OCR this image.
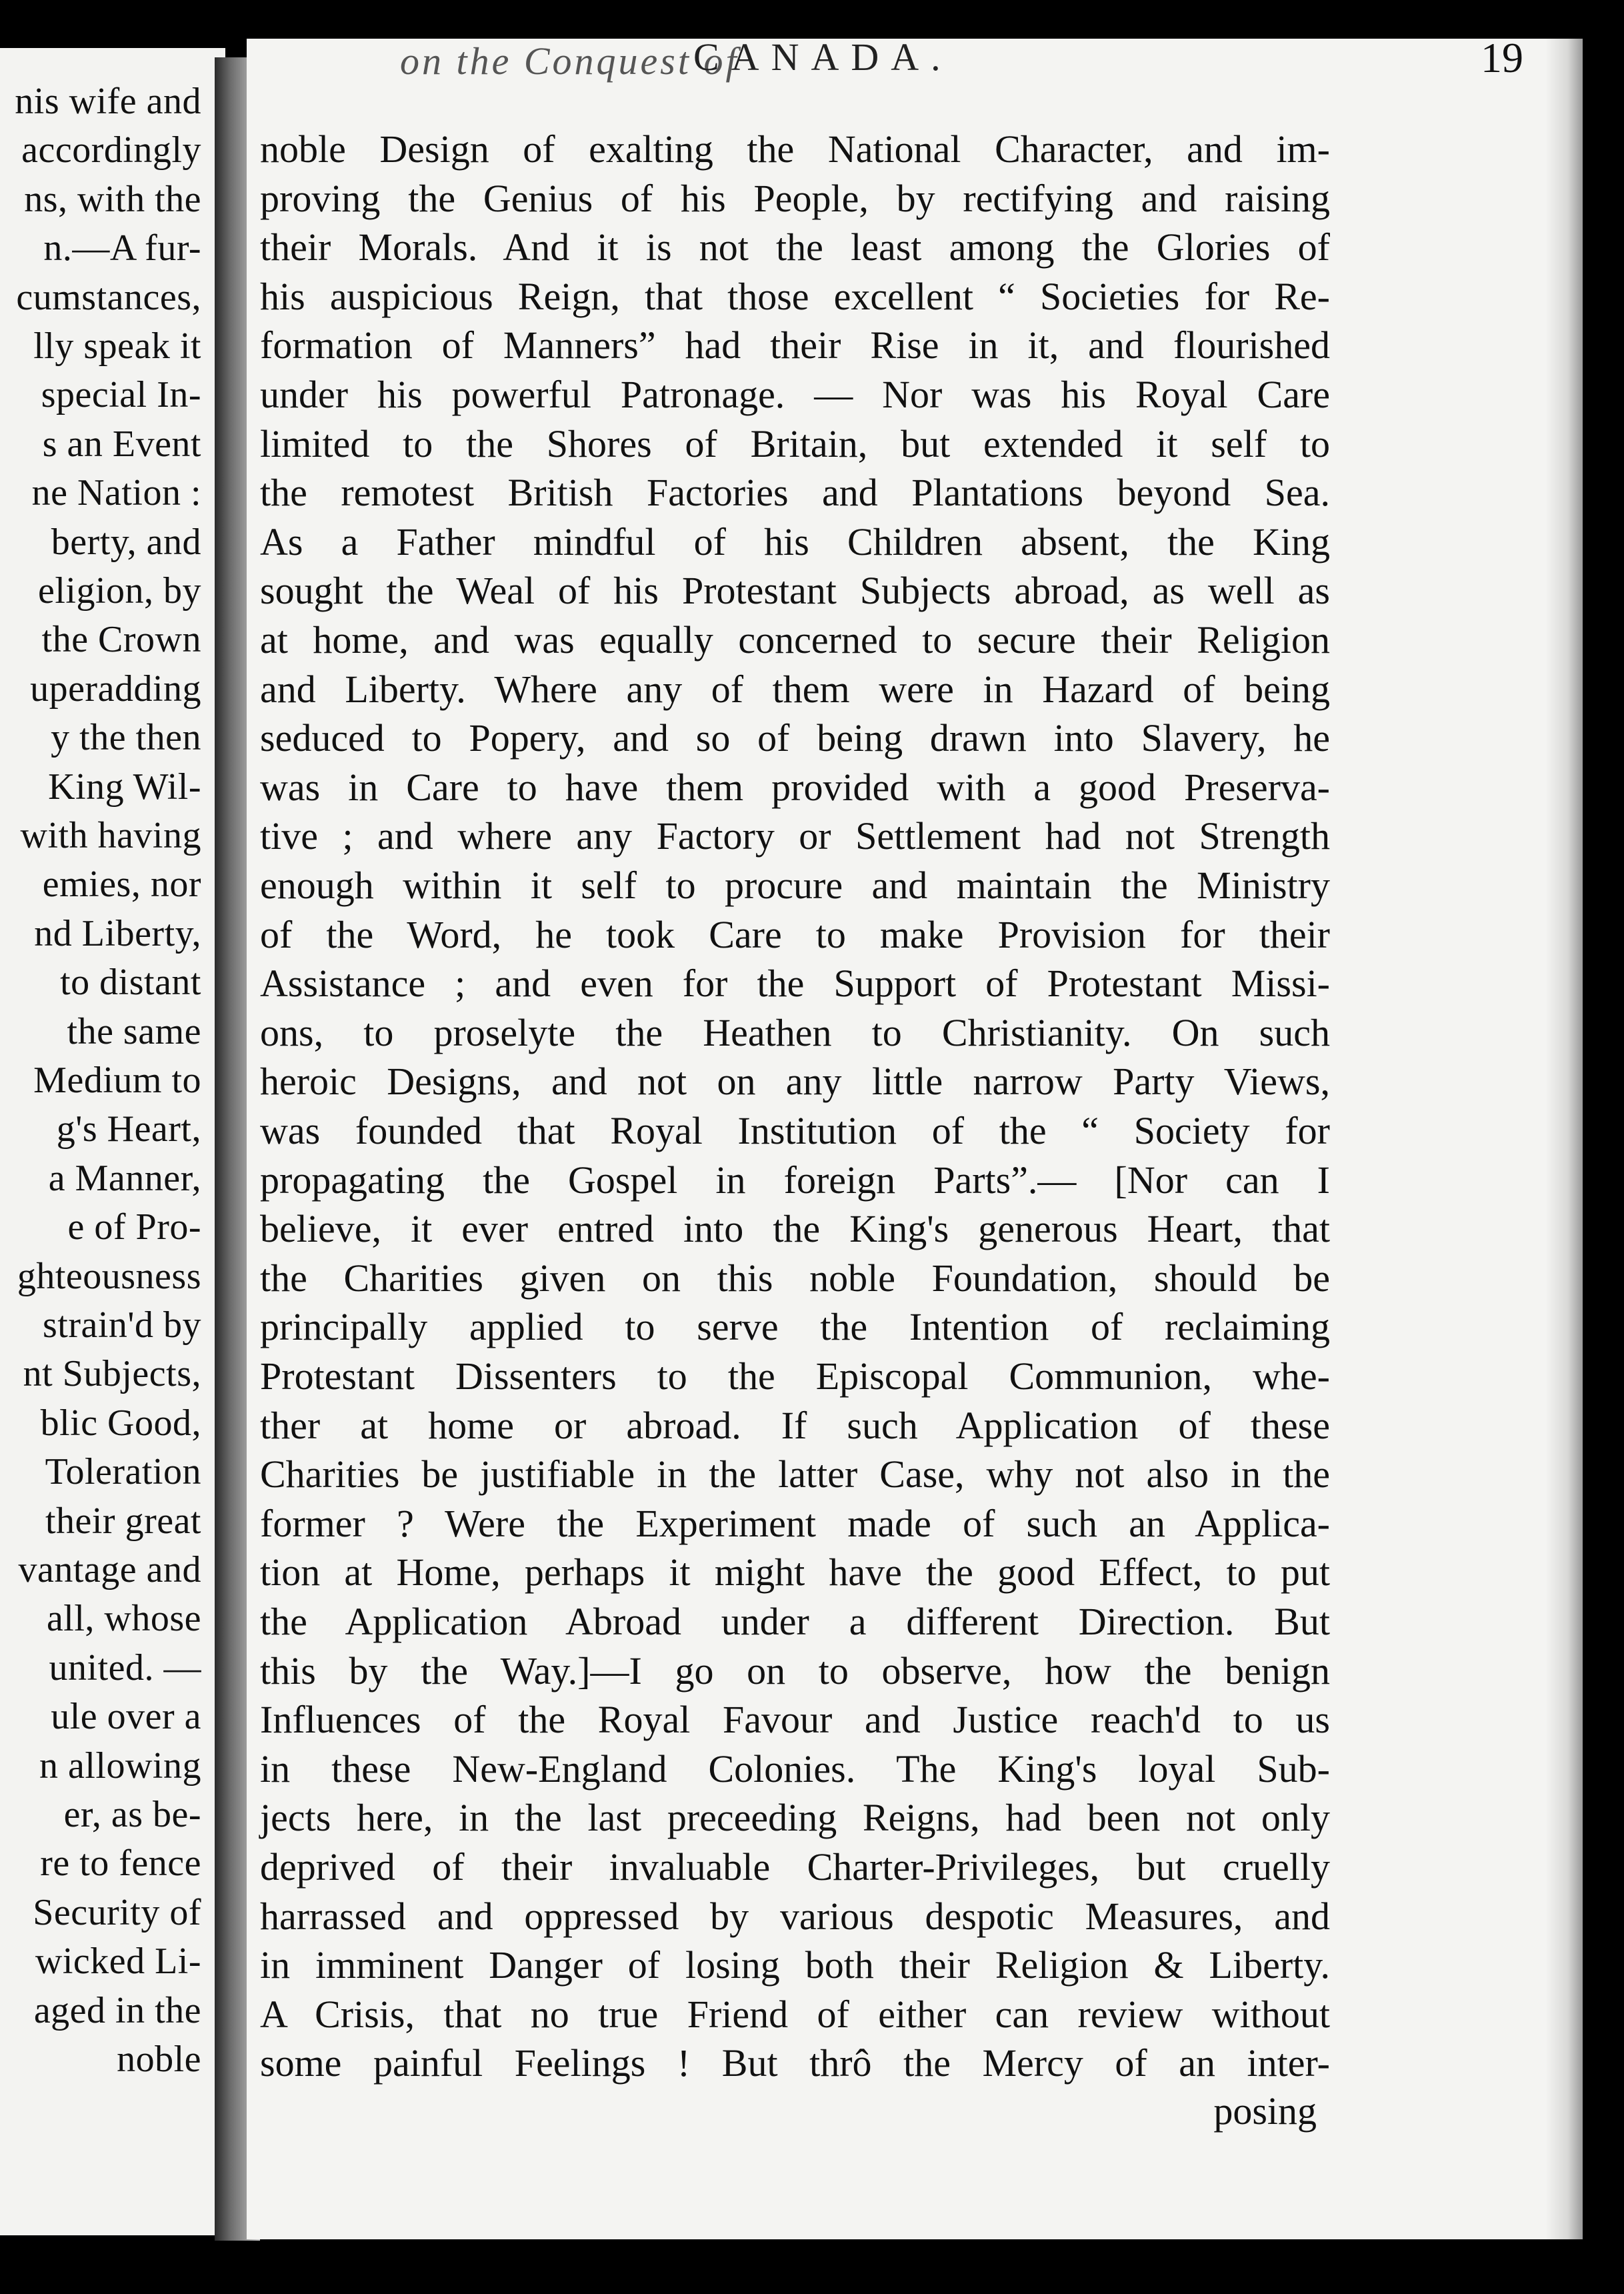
nis wife and
accordingly
ns, with the
n.—A fur-
cumstances,
lly speak it
special In-
s an Event
ne Nation :
berty, and
eligion, by
the Crown
uperadding
y the then
King Wil-
with having
emies, nor
nd Liberty,
to distant
the same
Medium to
g's Heart,
a Manner,
e of Pro-
ghteousness
strain'd by
nt Subjects,
blic Good,
Toleration
their great
vantage and
all, whose
united. —
ule over a
n allowing
er, as be-
re to fence
Security of
wicked Li-
aged in the
noble
on the Conquest of
CANADA.	19
posing
noble Design of exalting the National Character, and im-
proving the Genius of his People, by rectifying and raising
their Morals. And it is not the least among the Glories of
his auspicious Reign, that those excellent “ Societies for Re-
formation of Manners” had their Rise in it, and flourished
under his powerful Patronage. — Nor was his Royal Care
limited to the Shores of Britain, but extended it self to
the remotest British Factories and Plantations beyond Sea.
As a Father mindful of his Children absent, the King
sought the Weal of his Protestant Subjects abroad, as well as
at home, and was equally concerned to secure their Religion
and Liberty. Where any of them were in Hazard of being
seduced to Popery, and so of being drawn into Slavery, he
was in Care to have them provided with a good Preserva-
tive ; and where any Factory or Settlement had not Strength
enough within it self to procure and maintain the Ministry
of the Word, he took Care to make Provision for their
Assistance ; and even for the Support of Protestant Missi-
ons, to proselyte the Heathen to Christianity. On such
heroic Designs, and not on any little narrow Party Views,
was founded that Royal Institution of the “ Society for
propagating the Gospel in foreign Parts”.— [Nor can I
believe, it ever entred into the King's generous Heart, that
the Charities given on this noble Foundation, should be
principally applied to serve the Intention of reclaiming
Protestant Dissenters to the Episcopal Communion, whe-
ther at home or abroad. If such Application of these
Charities be justifiable in the latter Case, why not also in the
former ? Were the Experiment made of such an Applica-
tion at Home, perhaps it might have the good Effect, to put
the Application Abroad under a different Direction. But
this by the Way.]—I go on to observe, how the benign
Influences of the Royal Favour and Justice reach'd to us
in these New-England Colonies. The King's loyal Sub-
jects here, in the last preceeding Reigns, had been not only
deprived of their invaluable Charter-Privileges, but cruelly
harrassed and oppressed by various despotic Measures, and
in imminent Danger of losing both their Religion & Liberty.
A Crisis, that no true Friend of either can review without
some painful Feelings ! But thrô the Mercy of an inter-
